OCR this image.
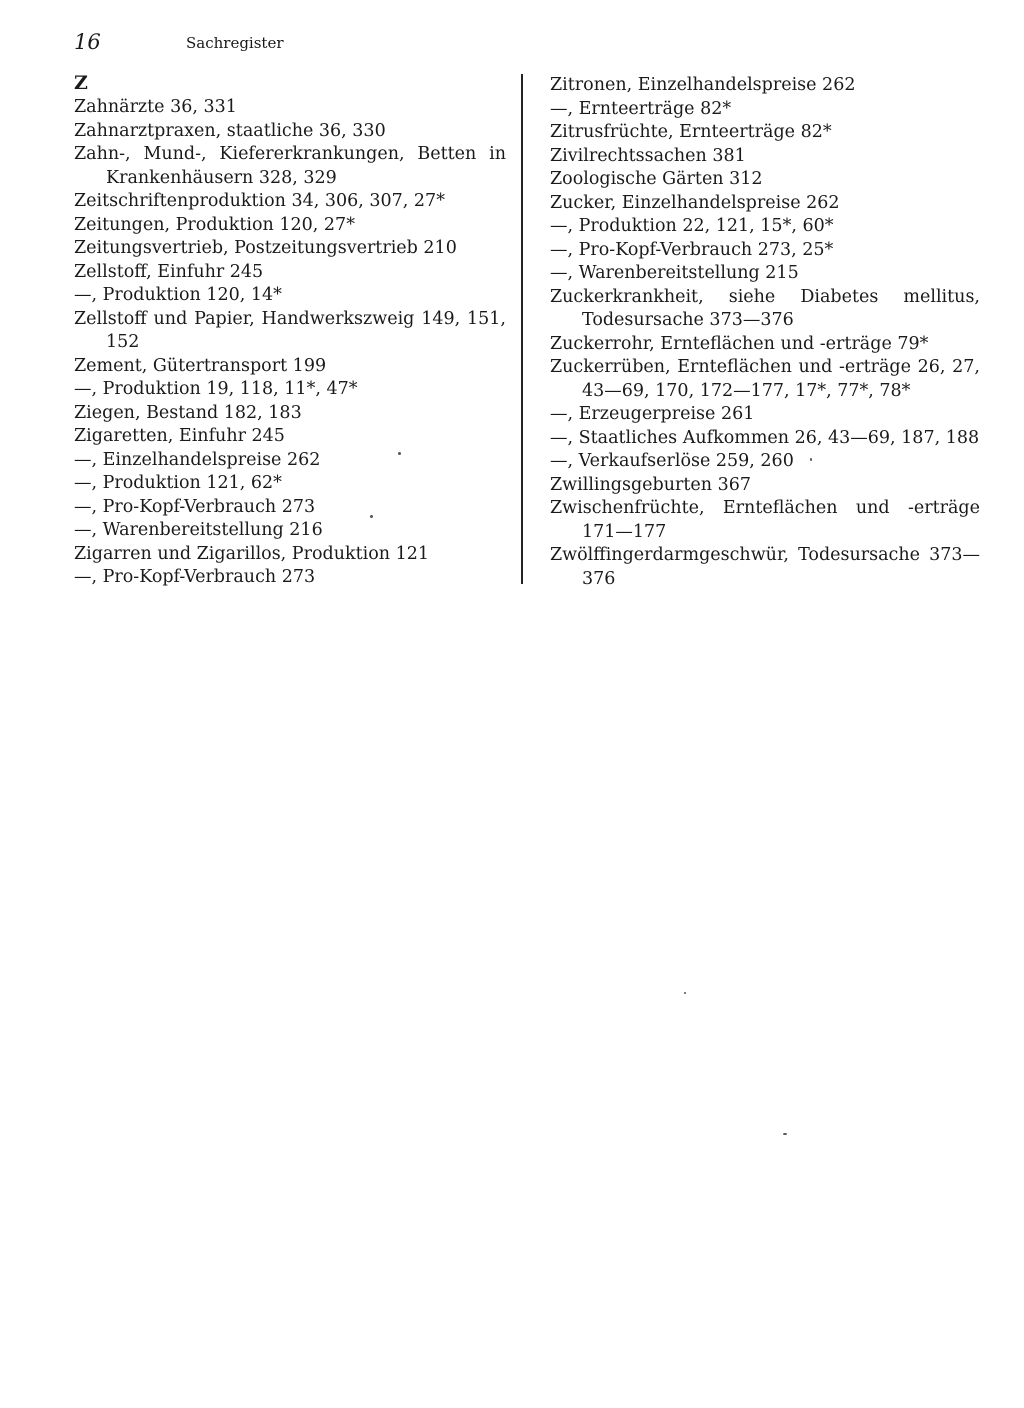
16	Sachregister
Z
Zahnärzte 36, 331
Zahnarztpraxen, staatliche 36, 330
Zahn-, Mund-, Kiefererkrankungen, Betten in Krankenhäusern 328, 329
Zeitschriftenproduktion 34, 306, 307, 27*
Zeitungen, Produktion 120, 27*
Zeitungsvertrieb, Postzeitungsvertrieb 210
Zellstoff, Einfuhr 245
—, Produktion 120, 14*
Zellstoff und Papier, Handwerkszweig 149, 151, 152
Zement, Gütertransport 199
—, Produktion 19, 118, 11*, 47*
Ziegen, Bestand 182, 183
Zigaretten, Einfuhr 245
—, Einzelhandelspreise 262
—, Produktion 121, 62*
—, Pro-Kopf-Verbrauch 273
—, Warenbereitstellung 216
Zigarren und Zigarillos, Produktion 121
—, Pro-Kopf-Verbrauch 273
Zitronen, Einzelhandelspreise 262
—, Ernteerträge 82*
Zitrusfrüchte, Ernteerträge 82*
Zivilrechtssachen 381
Zoologische Gärten 312
Zucker, Einzelhandelspreise 262
—, Produktion 22, 121, 15*, 60*
—, Pro-Kopf-Verbrauch 273, 25*
—, Warenbereitstellung 215
Zuckerkrankheit, siehe Diabetes mellitus, Todesursache 373—376
Zuckerrohr, Ernteflächen und -erträge 79*
Zuckerrüben, Ernteflächen und -erträge 26, 27, 43—69, 170, 172—177, 17*, 77*, 78*
—, Erzeugerpreise 261
—, Staatliches Aufkommen 26, 43—69, 187, 188
—, Verkaufserlöse 259, 260
Zwillingsgeburten 367
Zwischenfrüchte, Ernteflächen und -erträge 171—177
Zwölffingerdarmgeschwür, Todesursache 373—376
